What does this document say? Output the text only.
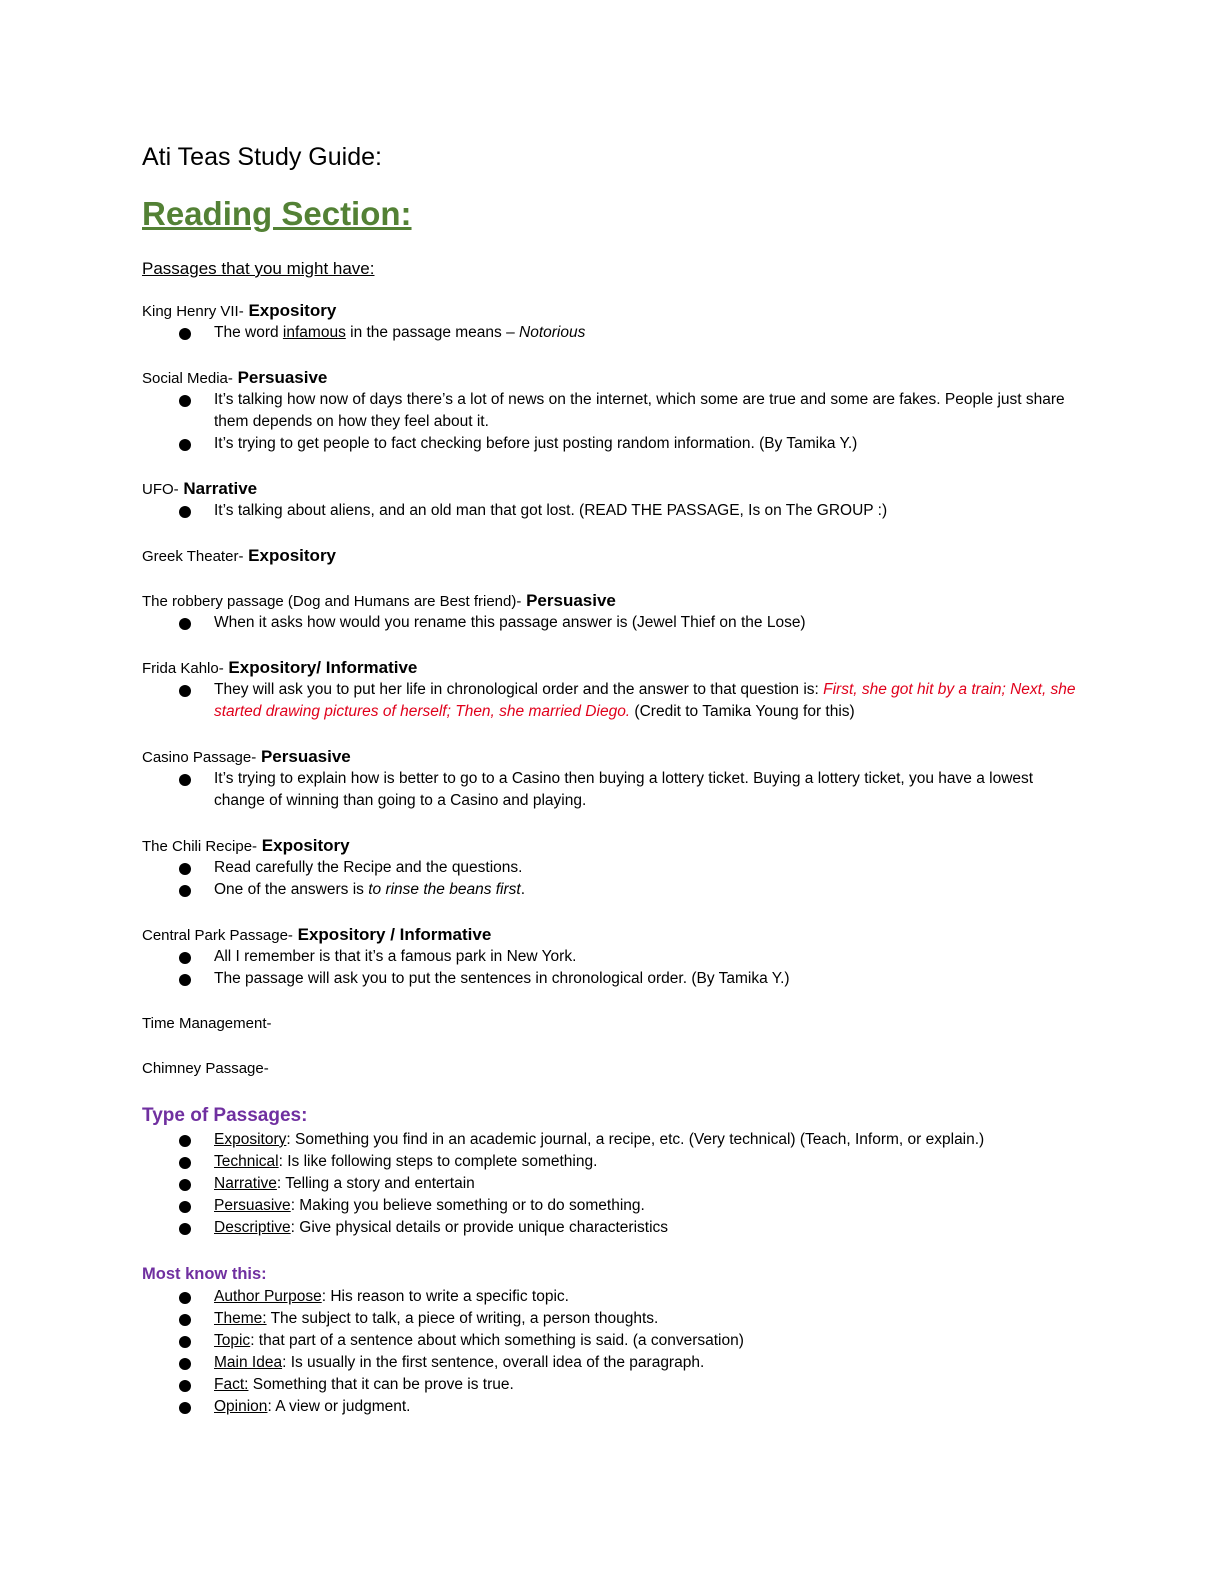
Ati Teas Study Guide:
Reading Section:
Passages that you might have:
King Henry VII- Expository
The word infamous in the passage means – Notorious
Social Media- Persuasive
It’s talking how now of days there’s a lot of news on the internet, which some are true and some are fakes. People just share them depends on how they feel about it.
It’s trying to get people to fact checking before just posting random information. (By Tamika Y.)
UFO- Narrative
It’s talking about aliens, and an old man that got lost. (READ THE PASSAGE, Is on The GROUP :)
Greek Theater- Expository
The robbery passage (Dog and Humans are Best friend)- Persuasive
When it asks how would you rename this passage answer is (Jewel Thief on the Lose)
Frida Kahlo- Expository/ Informative
They will ask you to put her life in chronological order and the answer to that question is: First, she got hit by a train; Next, she started drawing pictures of herself; Then, she married Diego. (Credit to Tamika Young for this)
Casino Passage- Persuasive
It’s trying to explain how is better to go to a Casino then buying a lottery ticket. Buying a lottery ticket, you have a lowest change of winning than going to a Casino and playing.
The Chili Recipe- Expository
Read carefully the Recipe and the questions.
One of the answers is to rinse the beans first.
Central Park Passage- Expository / Informative
All I remember is that it’s a famous park in New York.
The passage will ask you to put the sentences in chronological order. (By Tamika Y.)
Time Management-
Chimney Passage-
Type of Passages:
Expository: Something you find in an academic journal, a recipe, etc. (Very technical) (Teach, Inform, or explain.)
Technical: Is like following steps to complete something.
Narrative: Telling a story and entertain
Persuasive: Making you believe something or to do something.
Descriptive: Give physical details or provide unique characteristics
Most know this:
Author Purpose: His reason to write a specific topic.
Theme: The subject to talk, a piece of writing, a person thoughts.
Topic: that part of a sentence about which something is said. (a conversation)
Main Idea: Is usually in the first sentence, overall idea of the paragraph.
Fact: Something that it can be prove is true.
Opinion: A view or judgment.
